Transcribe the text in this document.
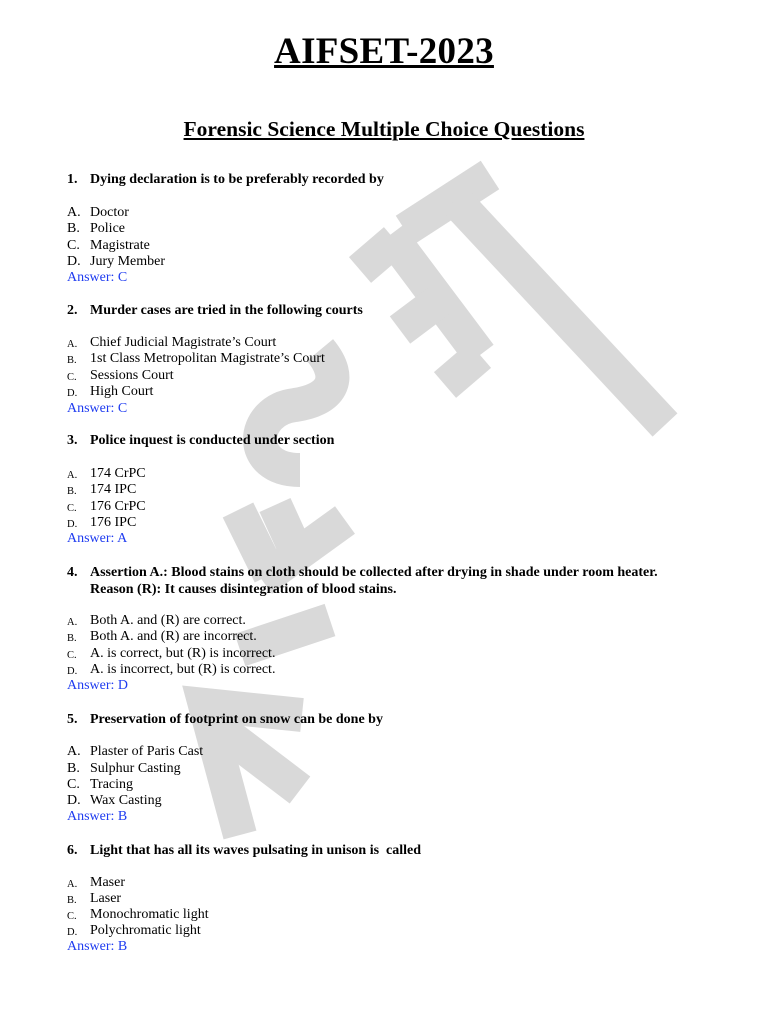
AIFSET-2023
Forensic Science Multiple Choice Questions
1. Dying declaration is to be preferably recorded by
A. Doctor
B. Police
C. Magistrate
D. Jury Member
Answer: C
2. Murder cases are tried in the following courts
A. Chief Judicial Magistrate’s Court
B. 1st Class Metropolitan Magistrate’s Court
C. Sessions Court
D. High Court
Answer: C
3. Police inquest is conducted under section
A. 174 CrPC
B. 174 IPC
C. 176 CrPC
D. 176 IPC
Answer: A
4. Assertion A.: Blood stains on cloth should be collected after drying in shade under room heater.
Reason (R): It causes disintegration of blood stains.
A. Both A. and (R) are correct.
B. Both A. and (R) are incorrect.
C. A. is correct, but (R) is incorrect.
D. A. is incorrect, but (R) is correct.
Answer: D
5. Preservation of footprint on snow can be done by
A. Plaster of Paris Cast
B. Sulphur Casting
C. Tracing
D. Wax Casting
Answer: B
6. Light that has all its waves pulsating in unison is  called
A. Maser
B. Laser
C. Monochromatic light
D. Polychromatic light
Answer: B
